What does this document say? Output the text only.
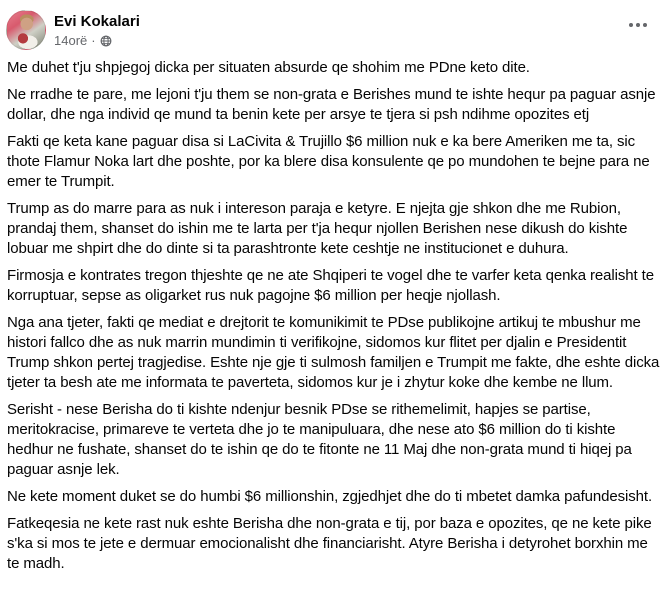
Evi Kokalari
14orë ·

Me duhet t'ju shpjegoj dicka per situaten absurde qe shohim me PDne keto dite.

Ne rradhe te pare, me lejoni t'ju them se non-grata e Berishes mund te ishte hequr pa paguar asnje dollar, dhe nga individ qe mund ta benin kete per arsye te tjera si psh ndihme opozites etj

Fakti qe keta kane paguar disa si LaCivita & Trujillo $6 million nuk e ka bere Ameriken me ta, sic thote Flamur Noka lart dhe poshte, por ka blere disa konsulente qe po mundohen te bejne para ne emer te Trumpit.

Trump as do marre para as nuk i intereson paraja e ketyre. E njejta gje shkon dhe me Rubion, prandaj them, shanset do ishin me te larta per t'ja hequr njollen Berishen nese dikush do kishte lobuar me shpirt dhe do dinte si ta parashtronte kete ceshtje ne institucionet e duhura.

Firmosja e kontrates tregon thjeshte qe ne ate Shqiperi te vogel dhe te varfer keta qenka realisht te korruptuar, sepse as oligarket rus nuk pagojne $6 million per heqje njollash.

Nga ana tjeter, fakti qe mediat e drejtorit te komunikimit te PDse publikojne artikuj te mbushur me histori fallco dhe as nuk marrin mundimin ti verifikojne, sidomos kur flitet per djalin e Presidentit Trump shkon pertej tragjedise. Eshte nje gje ti sulmosh familjen e Trumpit me fakte, dhe eshte dicka tjeter ta besh ate me informata te paverteta, sidomos kur je i zhytur koke dhe kembe ne llum.

Serisht - nese Berisha do ti kishte ndenjur besnik PDse se rithemelimit, hapjes se partise, meritokracise, primareve te verteta dhe jo te manipuluara, dhe nese ato $6 million do ti kishte hedhur ne fushate, shanset do te ishin qe do te fitonte ne 11 Maj dhe non-grata mund ti hiqej pa paguar asnje lek.

Ne kete moment duket se do humbi $6 millionshin, zgjedhjet dhe do ti mbetet damka pafundesisht.

Fatkeqesia ne kete rast nuk eshte Berisha dhe non-grata e tij, por baza e opozites, qe ne kete pike s'ka si mos te jete e dermuar emocionalisht dhe financiarisht. Atyre Berisha i detyrohet borxhin me te madh.
